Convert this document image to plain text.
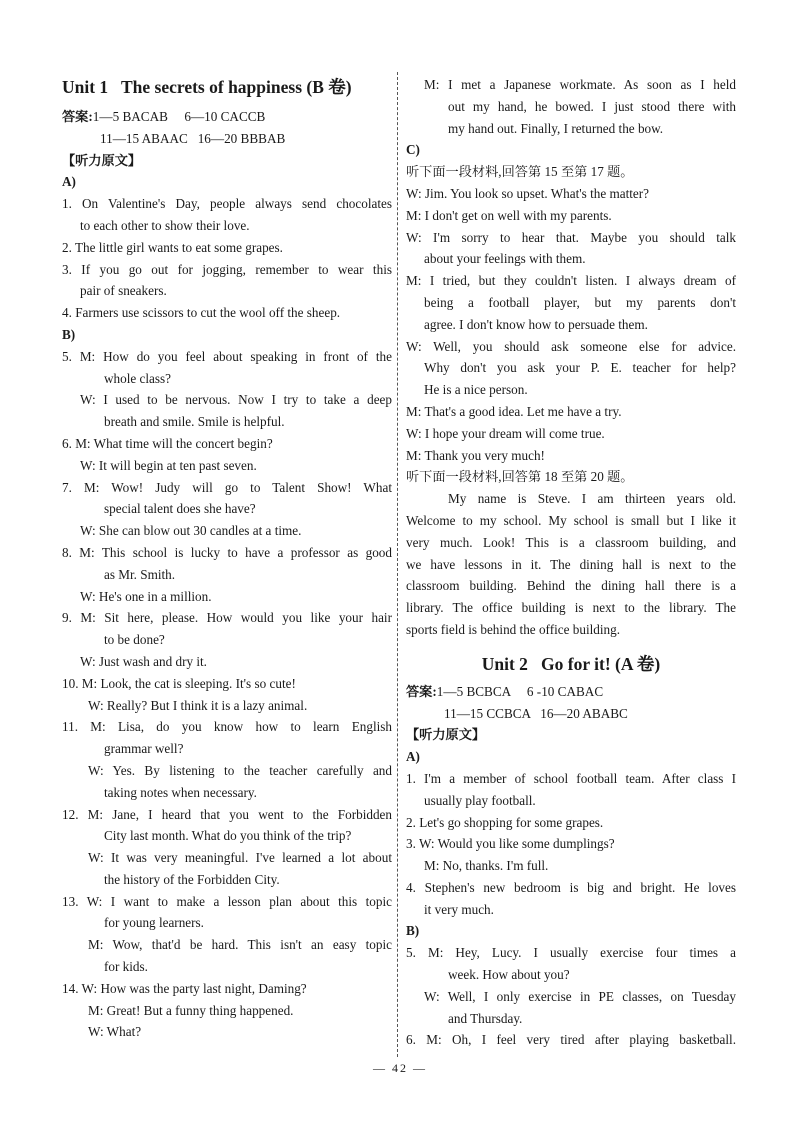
Unit 1   The secrets of happiness (B 卷)

答案:1—5 BACAB     6—10 CACCB

11—15 ABAAC   16—20 BBBAB

【听力原文】

A)

1. On Valentine's Day, people always send chocolates

to each other to show their love.

2. The little girl wants to eat some grapes.

3. If you go out for jogging, remember to wear this

pair of sneakers.

4. Farmers use scissors to cut the wool off the sheep.

B)

5. M: How do you feel about speaking in front of the

whole class?

W: I used to be nervous. Now I try to take a deep

breath and smile. Smile is helpful.

6. M: What time will the concert begin?

W: It will begin at ten past seven.

7. M: Wow! Judy will go to Talent Show! What

special talent does she have?

W: She can blow out 30 candles at a time.

8. M: This school is lucky to have a professor as good

as Mr. Smith.

W: He's one in a million.

9. M: Sit here, please. How would you like your hair

to be done?

W: Just wash and dry it.

10. M: Look, the cat is sleeping. It's so cute!

W: Really? But I think it is a lazy animal.

11. M: Lisa, do you know how to learn English

grammar well?

W: Yes. By listening to the teacher carefully and

taking notes when necessary.

12. M: Jane, I heard that you went to the Forbidden

City last month. What do you think of the trip?

W: It was very meaningful. I've learned a lot about

the history of the Forbidden City.

13. W: I want to make a lesson plan about this topic

for young learners.

M: Wow, that'd be hard. This isn't an easy topic

for kids.

14. W: How was the party last night, Daming?

M: Great! But a funny thing happened.

W: What?

M: I met a Japanese workmate. As soon as I held

out my hand, he bowed. I just stood there with

my hand out. Finally, I returned the bow.

C)

听下面一段材料,回答第 15 至第 17 题。

W: Jim. You look so upset. What's the matter?

M: I don't get on well with my parents.

W: I'm sorry to hear that. Maybe you should talk

about your feelings with them.

M: I tried, but they couldn't listen. I always dream of

being a football player, but my parents don't

agree. I don't know how to persuade them.

W: Well, you should ask someone else for advice.

Why don't you ask your P. E. teacher for help?

He is a nice person.

M: That's a good idea. Let me have a try.

W: I hope your dream will come true.

M: Thank you very much!

听下面一段材料,回答第 18 至第 20 题。

My name is Steve. I am thirteen years old.

Welcome to my school. My school is small but I like it

very much. Look! This is a classroom building, and

we have lessons in it. The dining hall is next to the

classroom building. Behind the dining hall there is a

library. The office building is next to the library. The

sports field is behind the office building.

Unit 2   Go for it! (A 卷)

答案:1—5 BCBCA     6 -10 CABAC

11—15 CCBCA   16—20 ABABC

【听力原文】

A)

1. I'm a member of school football team. After class I

usually play football.

2. Let's go shopping for some grapes.

3. W: Would you like some dumplings?

M: No, thanks. I'm full.

4. Stephen's new bedroom is big and bright. He loves

it very much.

B)

5. M: Hey, Lucy. I usually exercise four times a

week. How about you?

W: Well, I only exercise in PE classes, on Tuesday

and Thursday.

6. M: Oh, I feel very tired after playing basketball.

— 42 —
